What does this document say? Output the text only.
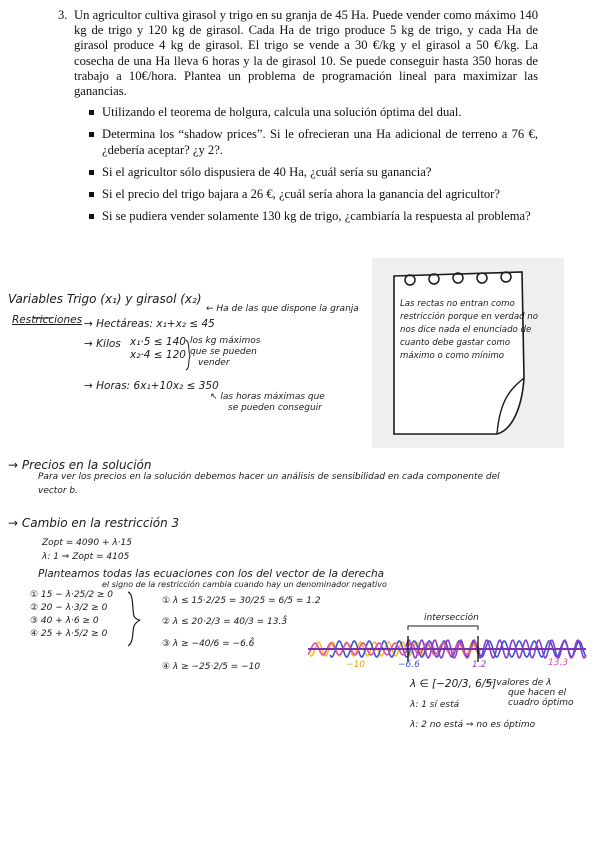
3. Un agricultor cultiva girasol y trigo en su granja de 45 Ha. Puede vender como máximo 140 kg de trigo y 120 kg de girasol. Cada Ha de trigo produce 5 kg de trigo, y cada Ha de girasol produce 4 kg de girasol. El trigo se vende a 30 €/kg y el girasol a 50 €/kg. La cosecha de una Ha lleva 6 horas y la de girasol 10. Se puede conseguir hasta 350 horas de trabajo a 10€/hora. Plantea un problema de programación lineal para maximizar las ganancias.
Utilizando el teorema de holgura, calcula una solución óptima del dual.
Determina los “shadow prices”. Si le ofrecieran una Ha adicional de terreno a 76 €, ¿debería aceptar? ¿y 2?.
Si el agricultor sólo dispusiera de 40 Ha, ¿cuál sería su ganancia?
Si el precio del trigo bajara a 26 €, ¿cuál sería ahora la ganancia del agricultor?
Si se pudiera vender solamente 130 kg de trigo, ¿cambiaría la respuesta al problema?
Variables Trigo (x₁) y girasol (x₂)
Restricciones → Hectáreas: x₁+x₂ ≤ 45
← Ha de las que dispone la granja
→ Kilos x₁·5 ≤ 140
x₂·4 ≤ 120
los kg máximos
que se pueden
vender
→ Horas: 6x₁+10x₂ ≤ 350
↖ las horas máximas que
se pueden conseguir
Las rectas no entran como restricción porque en verdad no nos dice nada el enunciado de cuanto debe gastar como máximo o como mínimo
→ Precios en la solución
Para ver los precios en la solución debemos hacer un análisis de sensibilidad en cada componente del
vector b.
→ Cambio en la restricción 3
Zopt = 4090 + λ·15
λ: 1 ⇒ Zopt = 4105
Planteamos todas las ecuaciones con los del vector de la derecha
el signo de la restricción cambia cuando hay un denominador negativo
① 15 − λ·25/2 ≥ 0
② 20 − λ·3/2 ≥ 0
③ 40 + λ·6 ≥ 0
④ 25 + λ·5/2 ≥ 0
① λ ≤ 15·2/25 = 30/25 = 6/5 = 1.2
② λ ≤ 20·2/3 = 40/3 = 13.3̂
③ λ ≥ −40/6 = −6.6̂
④ λ ≥ −25·2/5 = −10
intersección
−10	−6.6	1.2	13.3
λ ∈ [−20/3, 6/5]
← valores de λ
que hacen el
cuadro óptimo
λ: 1 sí está
λ: 2 no está ⇒ no es óptimo
